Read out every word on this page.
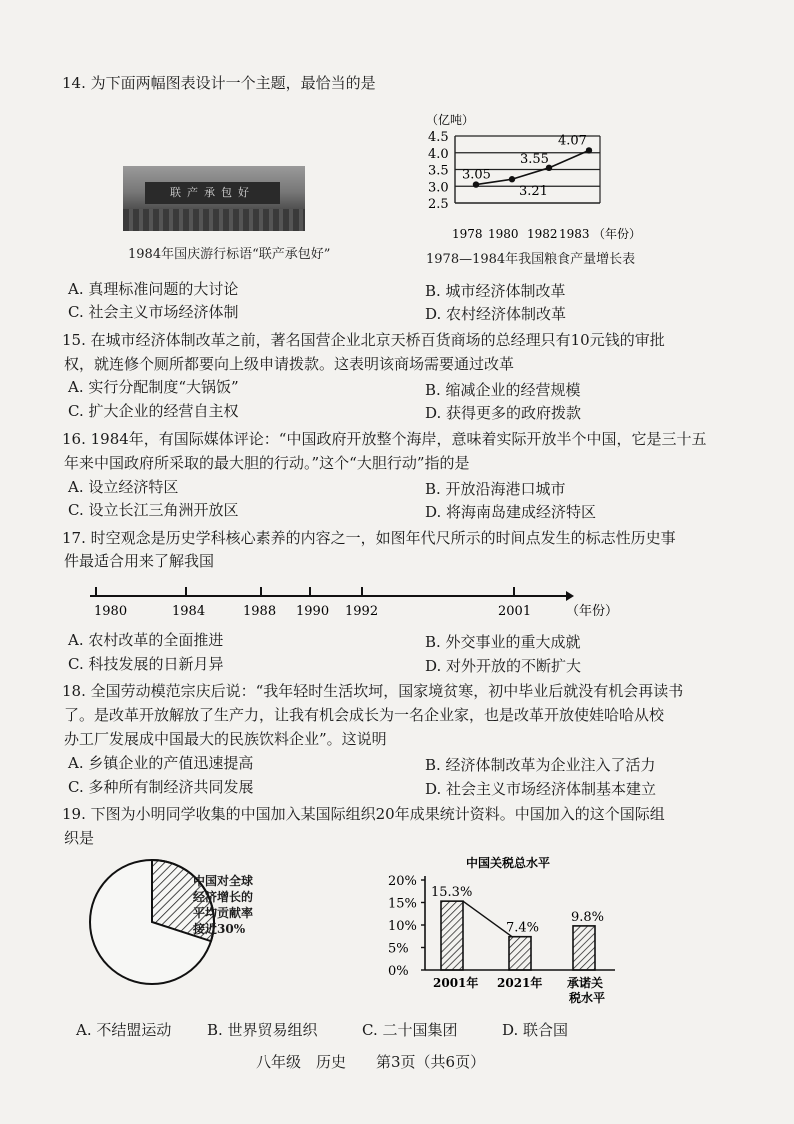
14. 为下面两幅图表设计一个主题，最恰当的是
联产承包好
1984年国庆游行标语“联产承包好”
（亿吨）
4.5
4.0
3.5
3.0
2.5
3.05
3.21
3.55
4.07
1978 1980 1982 1983 （年份）
1978—1984年我国粮食产量增长表
A. 真理标准问题的大讨论	B. 城市经济体制改革
C. 社会主义市场经济体制	D. 农村经济体制改革
15. 在城市经济体制改革之前，著名国营企业北京天桥百货商场的总经理只有10元钱的审批
权，就连修个厕所都要向上级申请拨款。这表明该商场需要通过改革
A. 实行分配制度“大锅饭”	B. 缩减企业的经营规模
C. 扩大企业的经营自主权	D. 获得更多的政府拨款
16. 1984年，有国际媒体评论：“中国政府开放整个海岸，意味着实际开放半个中国，它是三十五
年来中国政府所采取的最大胆的行动。”这个“大胆行动”指的是
A. 设立经济特区	B. 开放沿海港口城市
C. 设立长江三角洲开放区	D. 将海南岛建成经济特区
17. 时空观念是历史学科核心素养的内容之一，如图年代尺所示的时间点发生的标志性历史事
件最适合用来了解我国
1980	1984	1988 1990 1992	2001	（年份）
A. 农村改革的全面推进	B. 外交事业的重大成就
C. 科技发展的日新月异	D. 对外开放的不断扩大
18. 全国劳动模范宗庆后说：“我年轻时生活坎坷，国家境贫寒，初中毕业后就没有机会再读书
了。是改革开放解放了生产力，让我有机会成长为一名企业家，也是改革开放使娃哈哈从校
办工厂发展成中国最大的民族饮料企业”。这说明
A. 乡镇企业的产值迅速提高	B. 经济体制改革为企业注入了活力
C. 多种所有制经济共同发展	D. 社会主义市场经济体制基本建立
19. 下图为小明同学收集的中国加入某国际组织20年成果统计资料。中国加入的这个国际组
织是
中国对全球
经济增长的
平均贡献率
接近30%
中国关税总水平
20%
15%
10%
5%
0%
15.3%
7.4%
9.8%
2001年 2021年 承诺关
税水平
A. 不结盟运动 B. 世界贸易组织	C. 二十国集团	D. 联合国
八年级　历史　　第3页（共6页）
